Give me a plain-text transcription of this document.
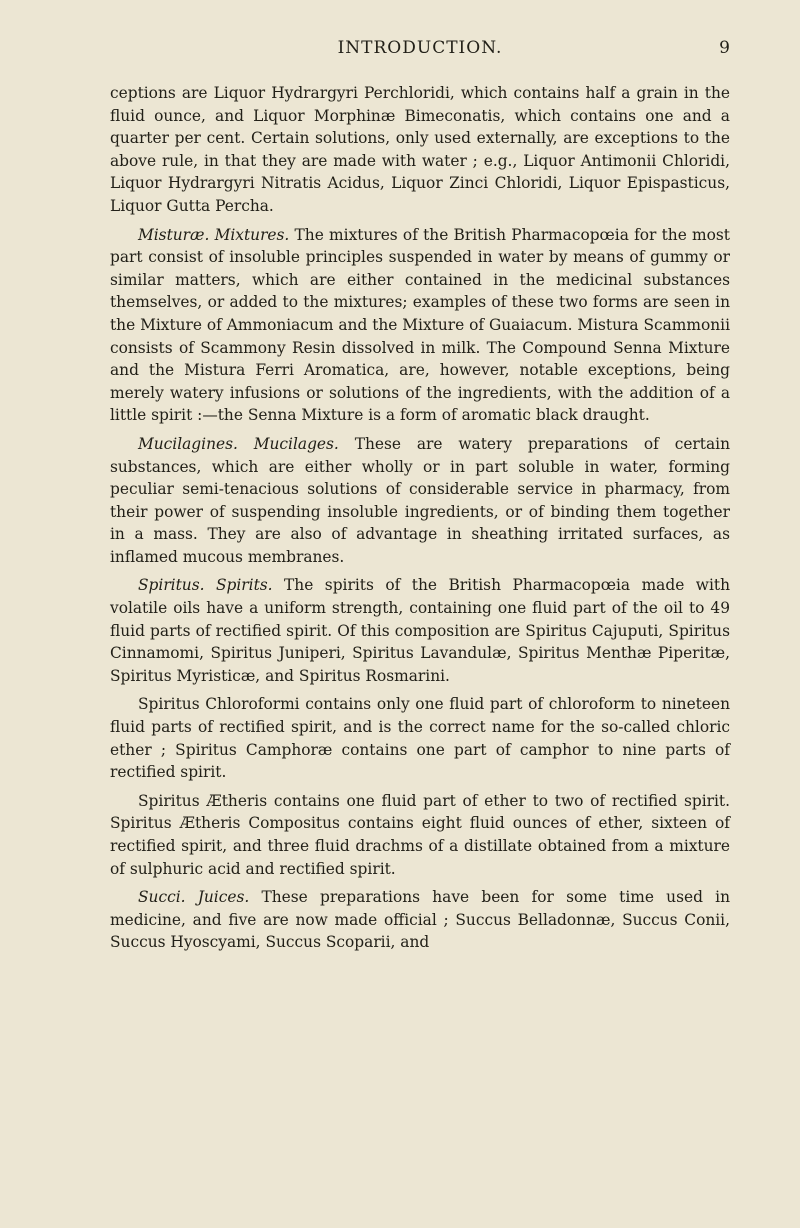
INTRODUCTION.	9

ceptions are Liquor Hydrargyri Perchloridi, which contains half a grain in the fluid ounce, and Liquor Morphinæ Bimeconatis, which contains one and a quarter per cent. Certain solutions, only used externally, are exceptions to the above rule, in that they are made with water ; e.g., Liquor Antimonii Chloridi, Liquor Hydrargyri Nitratis Acidus, Liquor Zinci Chloridi, Liquor Epispasticus, Liquor Gutta Percha.

Misturæ. Mixtures. The mixtures of the British Pharmacopœia for the most part consist of insoluble principles suspended in water by means of gummy or similar matters, which are either contained in the medicinal substances themselves, or added to the mixtures; examples of these two forms are seen in the Mixture of Ammoniacum and the Mixture of Guaiacum. Mistura Scammonii consists of Scammony Resin dissolved in milk. The Compound Senna Mixture and the Mistura Ferri Aromatica, are, however, notable exceptions, being merely watery infusions or solutions of the ingredients, with the addition of a little spirit :—the Senna Mixture is a form of aromatic black draught.

Mucilagines. Mucilages. These are watery preparations of certain substances, which are either wholly or in part soluble in water, forming peculiar semi-tenacious solutions of considerable service in pharmacy, from their power of suspending insoluble ingredients, or of binding them together in a mass. They are also of advantage in sheathing irritated surfaces, as inflamed mucous membranes.

Spiritus. Spirits. The spirits of the British Pharmacopœia made with volatile oils have a uniform strength, containing one fluid part of the oil to 49 fluid parts of rectified spirit. Of this composition are Spiritus Cajuputi, Spiritus Cinnamomi, Spiritus Juniperi, Spiritus Lavandulæ, Spiritus Menthæ Piperitæ, Spiritus Myristicæ, and Spiritus Rosmarini.

Spiritus Chloroformi contains only one fluid part of chloroform to nineteen fluid parts of rectified spirit, and is the correct name for the so-called chloric ether ; Spiritus Camphoræ contains one part of camphor to nine parts of rectified spirit.

Spiritus Ætheris contains one fluid part of ether to two of rectified spirit. Spiritus Ætheris Compositus contains eight fluid ounces of ether, sixteen of rectified spirit, and three fluid drachms of a distillate obtained from a mixture of sulphuric acid and rectified spirit.

Succi. Juices. These preparations have been for some time used in medicine, and five are now made official ; Succus Belladonnæ, Succus Conii, Succus Hyoscyami, Succus Scoparii, and
